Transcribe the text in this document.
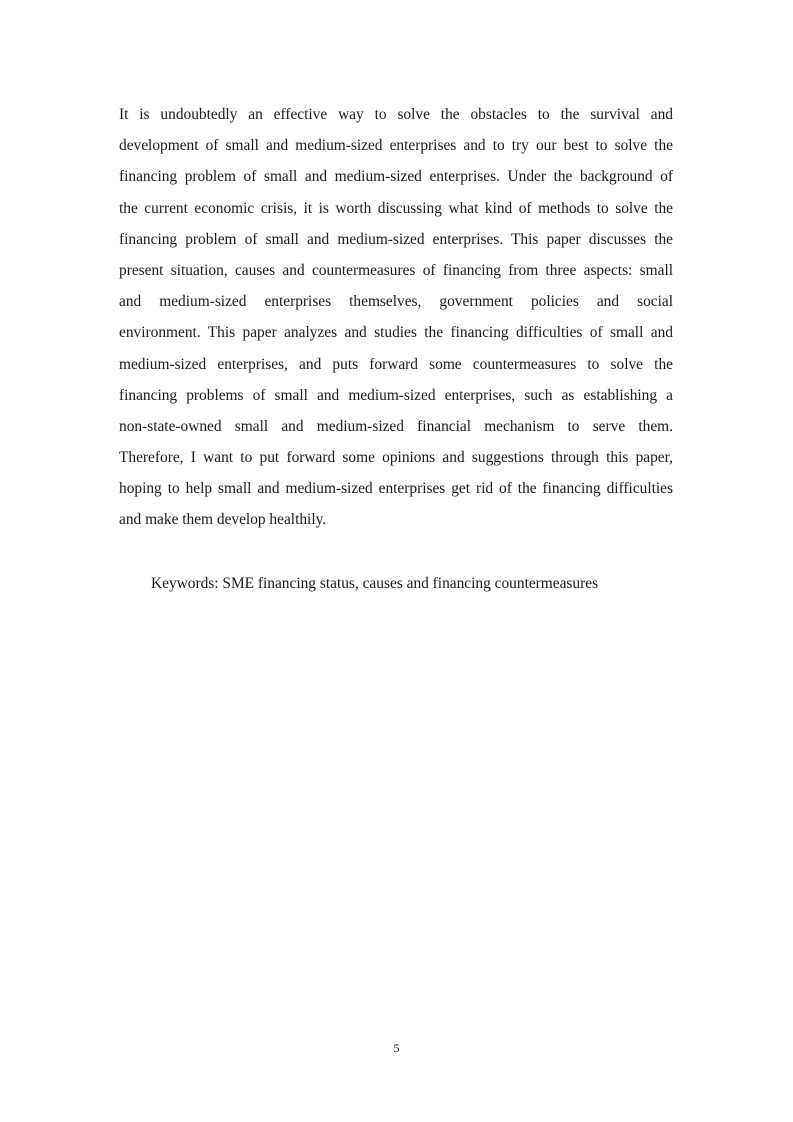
It is undoubtedly an effective way to solve the obstacles to the survival and
development of small and medium-sized enterprises and to try our best to solve the
financing problem of small and medium-sized enterprises. Under the background of
the current economic crisis, it is worth discussing what kind of methods to solve the
financing problem of small and medium-sized enterprises. This paper discusses the
present situation, causes and countermeasures of financing from three aspects: small
and medium-sized enterprises themselves, government policies and social
environment. This paper analyzes and studies the financing difficulties of small and
medium-sized enterprises, and puts forward some countermeasures to solve the
financing problems of small and medium-sized enterprises, such as establishing a
non-state-owned small and medium-sized financial mechanism to serve them.
Therefore, I want to put forward some opinions and suggestions through this paper,
hoping to help small and medium-sized enterprises get rid of the financing difficulties
and make them develop healthily.
Keywords: SME financing status, causes and financing countermeasures
5
